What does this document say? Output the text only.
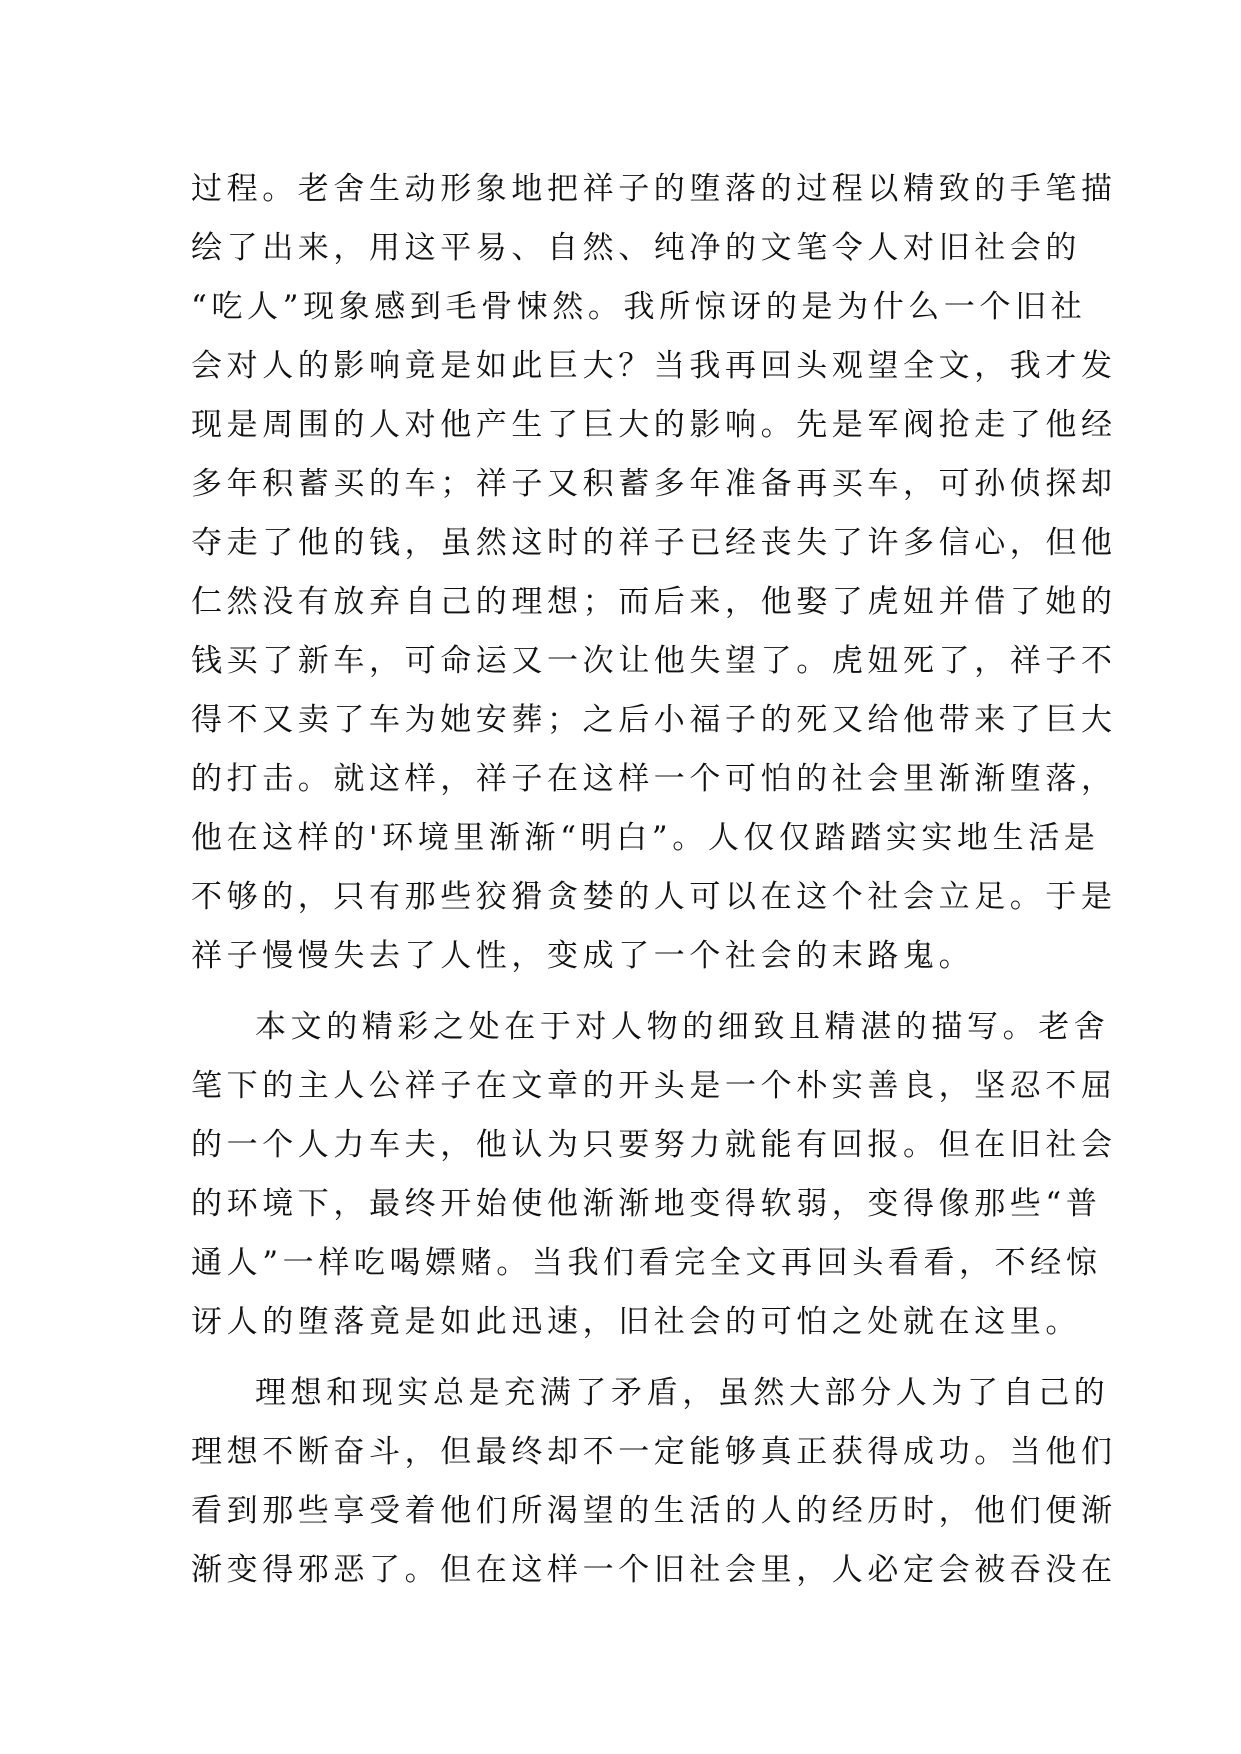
过程。老舍生动形象地把祥子的堕落的过程以精致的手笔描
绘了出来，用这平易、自然、纯净的文笔令人对旧社会的
“吃人”现象感到毛骨悚然。我所惊讶的是为什么一个旧社
会对人的影响竟是如此巨大？当我再回头观望全文，我才发
现是周围的人对他产生了巨大的影响。先是军阀抢走了他经
多年积蓄买的车；祥子又积蓄多年准备再买车，可孙侦探却
夺走了他的钱，虽然这时的祥子已经丧失了许多信心，但他
仁然没有放弃自己的理想；而后来，他娶了虎妞并借了她的
钱买了新车，可命运又一次让他失望了。虎妞死了，祥子不
得不又卖了车为她安葬；之后小福子的死又给他带来了巨大
的打击。就这样，祥子在这样一个可怕的社会里渐渐堕落，
他在这样的'环境里渐渐“明白”。人仅仅踏踏实实地生活是
不够的，只有那些狡猾贪婪的人可以在这个社会立足。于是
祥子慢慢失去了人性，变成了一个社会的末路鬼。
本文的精彩之处在于对人物的细致且精湛的描写。老舍
笔下的主人公祥子在文章的开头是一个朴实善良，坚忍不屈
的一个人力车夫，他认为只要努力就能有回报。但在旧社会
的环境下，最终开始使他渐渐地变得软弱，变得像那些“普
通人”一样吃喝嫖赌。当我们看完全文再回头看看，不经惊
讶人的堕落竟是如此迅速，旧社会的可怕之处就在这里。
理想和现实总是充满了矛盾，虽然大部分人为了自己的
理想不断奋斗，但最终却不一定能够真正获得成功。当他们
看到那些享受着他们所渴望的生活的人的经历时，他们便渐
渐变得邪恶了。但在这样一个旧社会里，人必定会被吞没在
